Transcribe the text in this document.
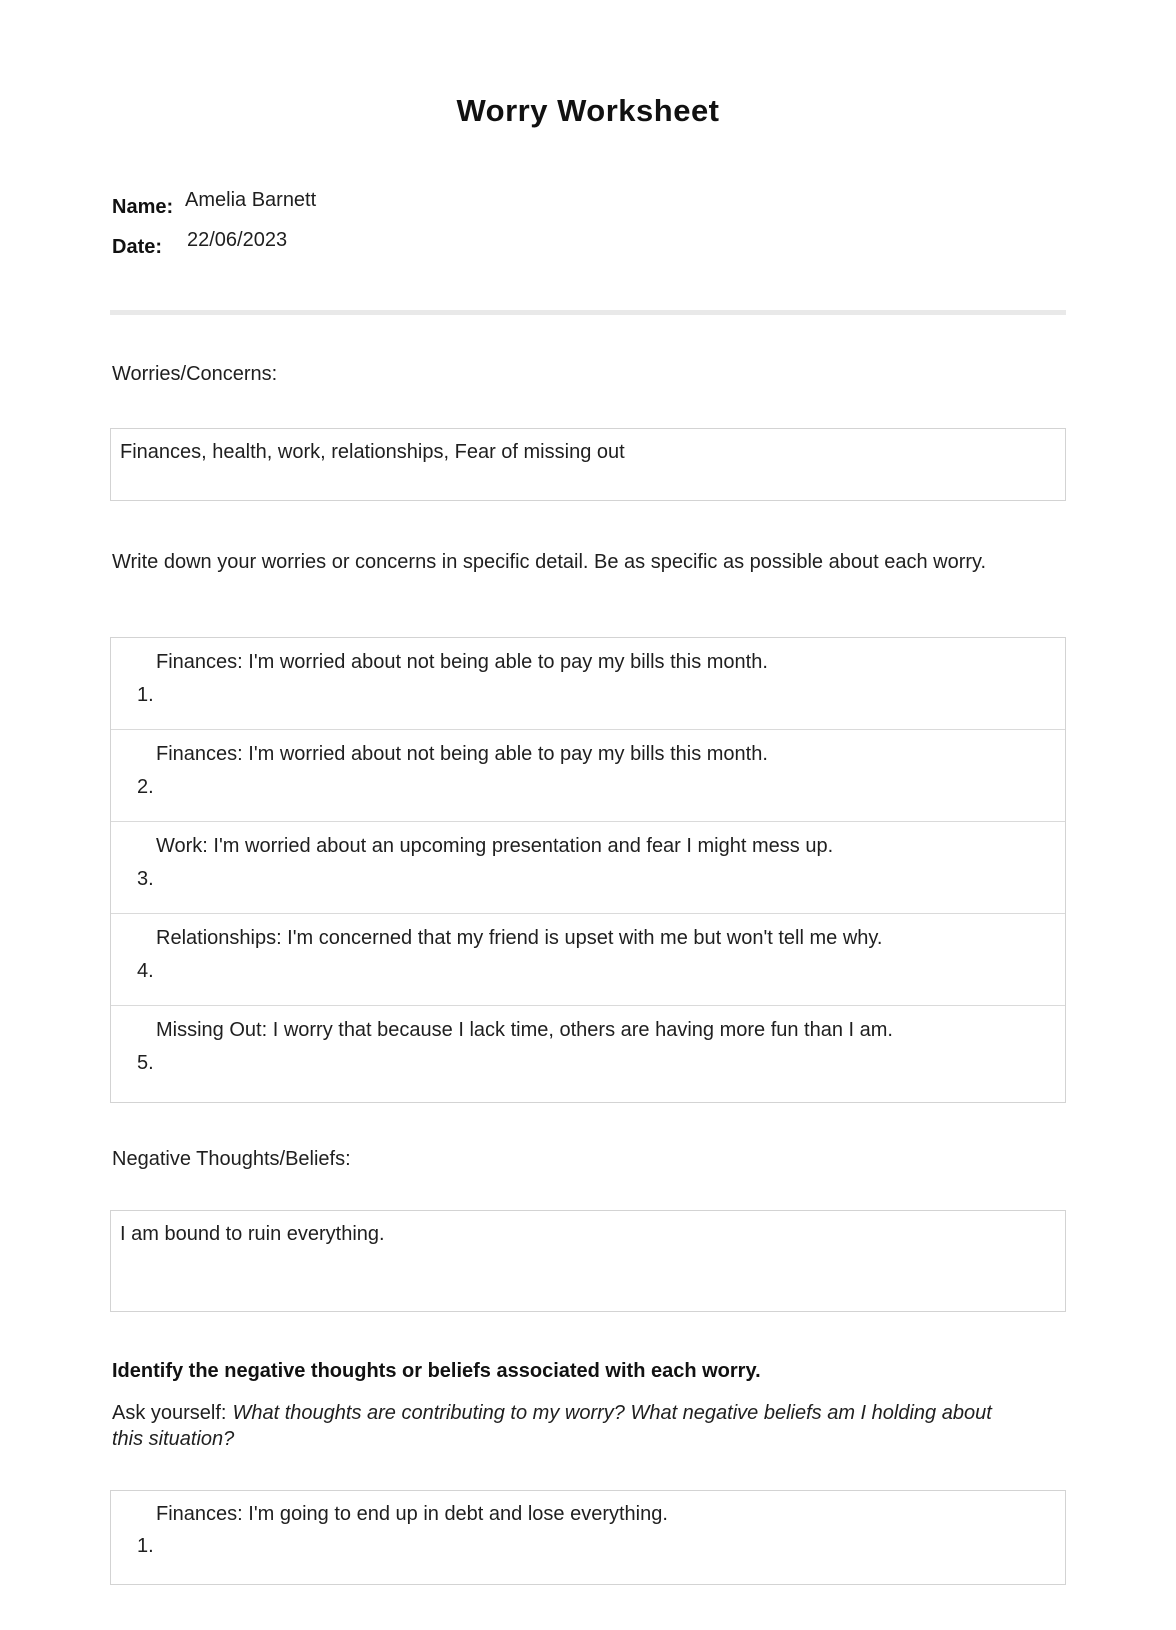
Worry Worksheet
Name: Amelia Barnett
Date: 22/06/2023
Worries/Concerns:
Finances, health, work, relationships, Fear of missing out
Write down your worries or concerns in specific detail. Be as specific as possible about each worry.
Finances: I'm worried about not being able to pay my bills this month.
1.
Finances: I'm worried about not being able to pay my bills this month.
2.
Work: I'm worried about an upcoming presentation and fear I might mess up.
3.
Relationships: I'm concerned that my friend is upset with me but won't tell me why.
4.
Missing Out: I worry that because I lack time, others are having more fun than I am.
5.
Negative Thoughts/Beliefs:
I am bound to ruin everything.
Identify the negative thoughts or beliefs associated with each worry.
Ask yourself: What thoughts are contributing to my worry? What negative beliefs am I holding about this situation?
Finances: I'm going to end up in debt and lose everything.
1.
